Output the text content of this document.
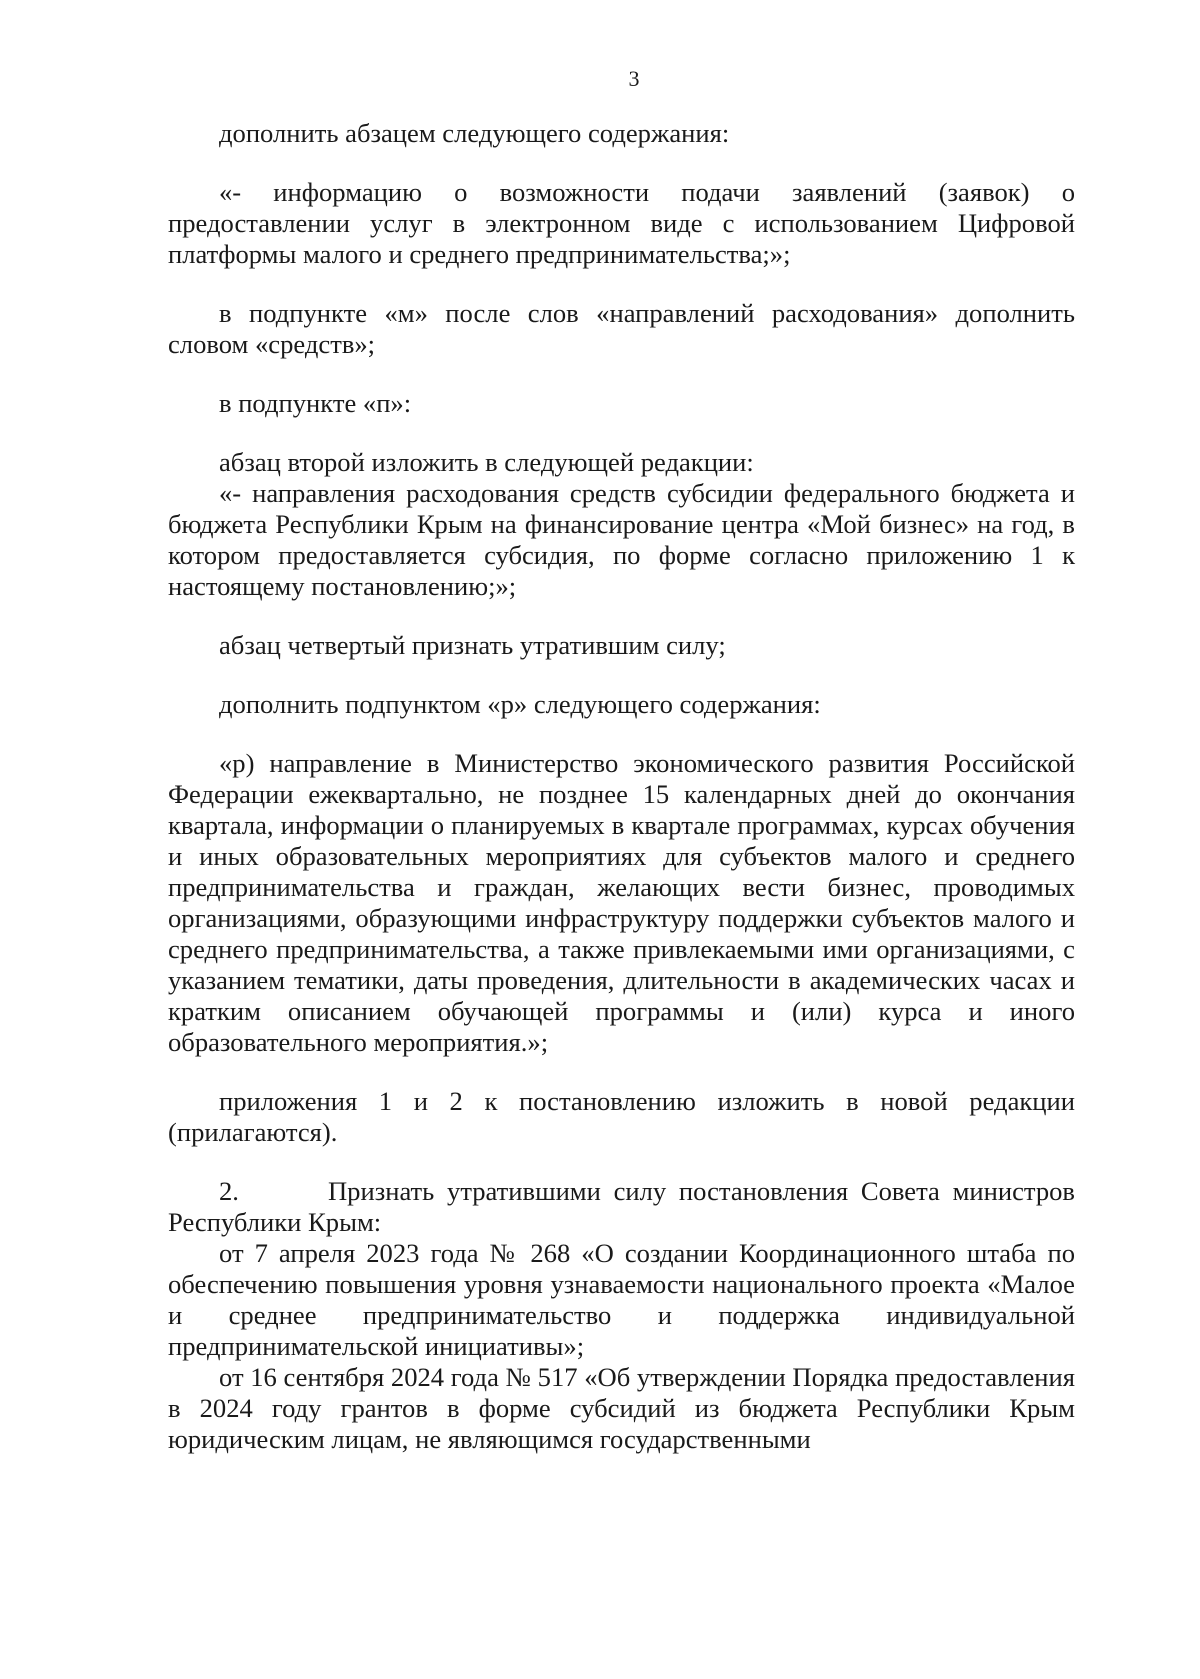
3

дополнить абзацем следующего содержания:

«- информацию о возможности подачи заявлений (заявок) о предоставлении услуг в электронном виде с использованием Цифровой платформы малого и среднего предпринимательства;»;

в подпункте «м» после слов «направлений расходования» дополнить словом «средств»;

в подпункте «п»:

абзац второй изложить в следующей редакции:

«- направления расходования средств субсидии федерального бюджета и бюджета Республики Крым на финансирование центра «Мой бизнес» на год, в котором предоставляется субсидия, по форме согласно приложению 1 к настоящему постановлению;»;

абзац четвертый признать утратившим силу;

дополнить подпунктом «р» следующего содержания:

«р) направление в Министерство экономического развития Российской Федерации ежеквартально, не позднее 15 календарных дней до окончания квартала, информации о планируемых в квартале программах, курсах обучения и иных образовательных мероприятиях для субъектов малого и среднего предпринимательства и граждан, желающих вести бизнес, проводимых организациями, образующими инфраструктуру поддержки субъектов малого и среднего предпринимательства, а также привлекаемыми ими организациями, с указанием тематики, даты проведения, длительности в академических часах и кратким описанием обучающей программы и (или) курса и иного образовательного мероприятия.»;

приложения 1 и 2 к постановлению изложить в новой редакции (прилагаются).

2.       Признать утратившими силу постановления Совета министров Республики Крым:

от 7 апреля 2023 года № 268 «О создании Координационного штаба по обеспечению повышения уровня узнаваемости национального проекта «Малое и среднее предпринимательство и поддержка индивидуальной предпринимательской инициативы»;

от 16 сентября 2024 года № 517 «Об утверждении Порядка предоставления в 2024 году грантов в форме субсидий из бюджета Республики Крым юридическим лицам, не являющимся государственными
